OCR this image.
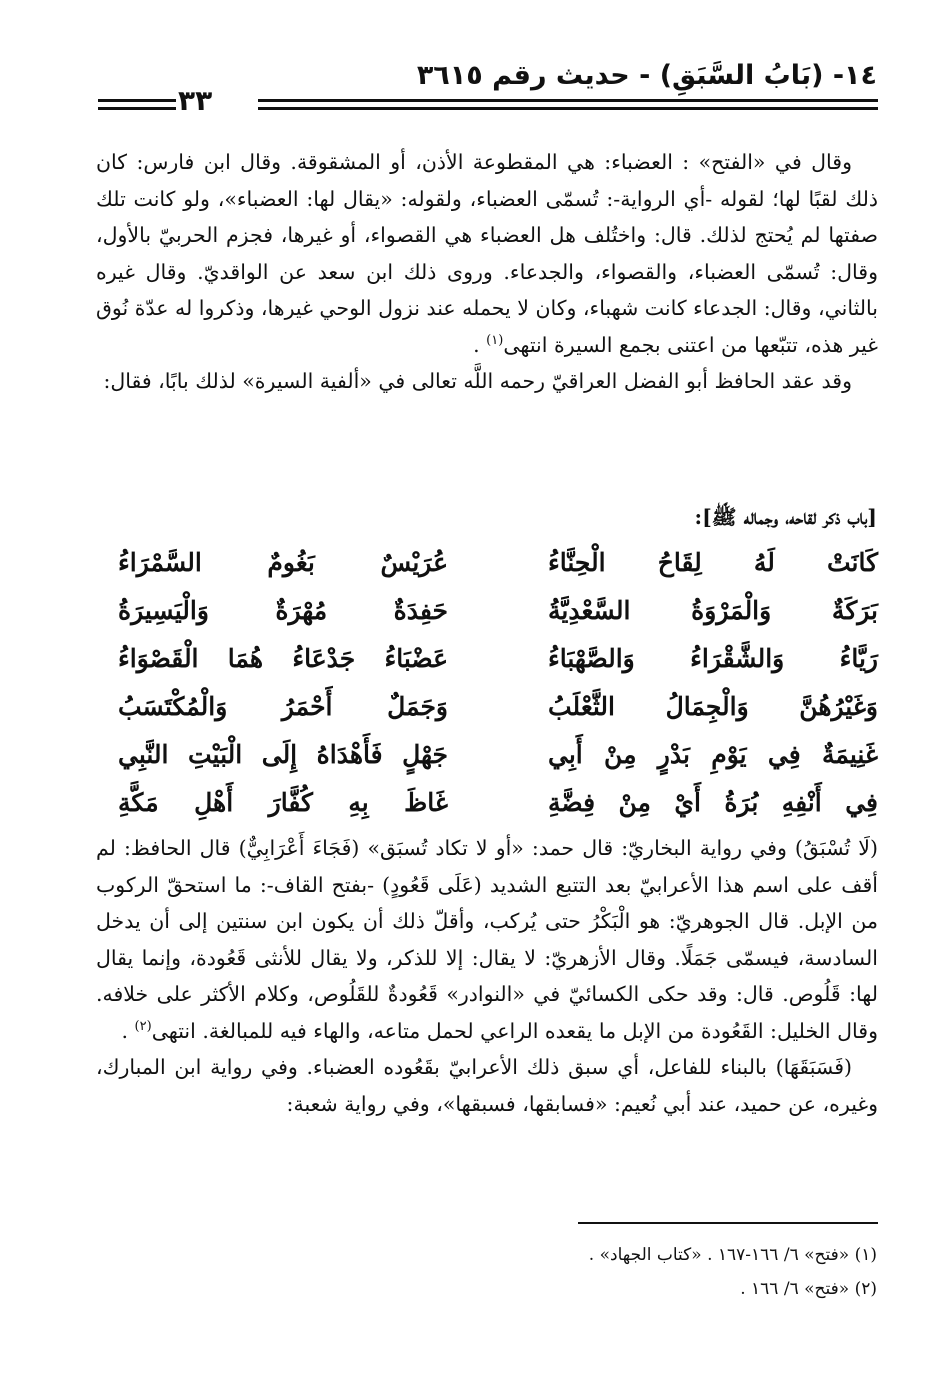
١٤- (بَابُ السَّبَقِ) - حديث رقم ٣٦١٥
٣٣

وقال في «الفتح» : العضباء: هي المقطوعة الأذن، أو المشقوقة. وقال ابن فارس: كان ذلك لقبًا لها؛ لقوله -أي الرواية-: تُسمّى العضباء، ولقوله: «يقال لها: العضباء»، ولو كانت تلك صفتها لم يُحتج لذلك. قال: واختُلف هل العضباء هي القصواء، أو غيرها، فجزم الحربيّ بالأول، وقال: تُسمّى العضباء، والقصواء، والجدعاء. وروى ذلك ابن سعد عن الواقديّ. وقال غيره بالثاني، وقال: الجدعاء كانت شهباء، وكان لا يحمله عند نزول الوحي غيرها، وذكروا له عدّة نُوق غير هذه، تتبّعها من اعتنى بجمع السيرة انتهى$^{(١)}$ .

وقد عقد الحافظ أبو الفضل العراقيّ رحمه اللَّه تعالى في «ألفية السيرة» لذلك بابًا، فقال:

[باب ذكر لقاحه، وجماله ﷺ]:
كَانَتْ لَهُ لِقَاحُ الْحِنَّاءُ
عُرَيْسٌ بَغُومٌ السَّمْرَاءُ
بَرَكَةٌ وَالْمَرْوَةُ السَّعْدِيَّةُ
حَفِدَةٌ مُهْرَةٌ وَالْيَسِيرَةُ
رَيَّاءُ وَالشَّقْرَاءُ وَالصَّهْبَاءُ
عَضْبَاءُ جَدْعَاءُ هُمَا الْقَصْوَاءُ
وَغَيْرُهُنَّ وَالْجِمَالُ الثَّعْلَبُ
وَجَمَلٌ أَحْمَرُ وَالْمُكْتَسَبُ
غَنِيمَةٌ فِي يَوْمِ بَدْرٍ مِنْ أَبِي
جَهْلٍ فَأَهْدَاهُ إِلَى الْبَيْتِ النَّبِي
فِي أَنْفِهِ بُرَةُ أَيْ مِنْ فِضَّةِ
غَاظَ بِهِ كُفَّارَ أَهْلِ مَكَّةِ

(لَا تُسْبَقُ) وفي رواية البخاريّ: قال حمد: «أو لا تكاد تُسبَق» (فَجَاءَ أَعْرَابِيٌّ) قال الحافظ: لم أقف على اسم هذا الأعرابيّ بعد التتبع الشديد (عَلَى قَعُودٍ) -بفتح القاف-: ما استحقّ الركوب من الإبل. قال الجوهريّ: هو الْبَكْرُ حتى يُركب، وأقلّ ذلك أن يكون ابن سنتين إلى أن يدخل السادسة، فيسمّى جَمَلًا. وقال الأزهريّ: لا يقال: إلا للذكر، ولا يقال للأنثى قَعُودة، وإنما يقال لها: قَلُوص. قال: وقد حكى الكسائيّ في «النوادر» قَعُودةٌ للقَلُوص، وكلام الأكثر على خلافه. وقال الخليل: القَعُودة من الإبل ما يقعده الراعي لحمل متاعه، والهاء فيه للمبالغة. انتهى$^{(٢)}$ .

(فَسَبَقَهَا) بالبناء للفاعل، أي سبق ذلك الأعرابيّ بقَعُوده العضباء. وفي رواية ابن المبارك، وغيره، عن حميد، عند أبي نُعيم: «فسابقها، فسبقها»، وفي رواية شعبة:

(١) «فتح» ٦/ ١٦٦-١٦٧ . «كتاب الجهاد» .
(٢) «فتح» ٦/ ١٦٦ .
